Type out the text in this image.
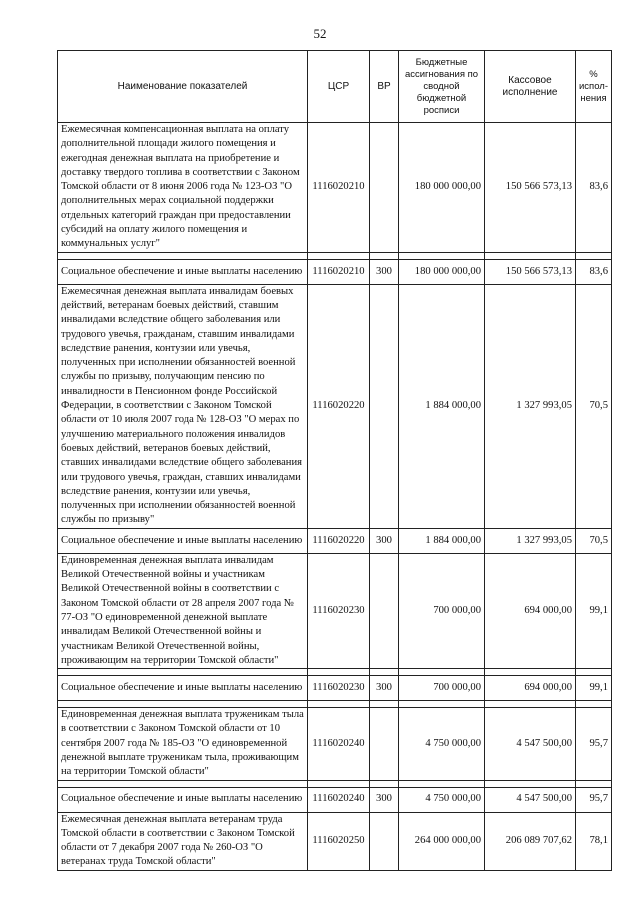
52
Наименование показателей	ЦСР	ВР	Бюджетные ассигнования по сводной бюджетной росписи	Кассовое исполнение	% испол- нения
Ежемесячная компенсационная выплата на оплату дополнительной площади жилого помещения и ежегодная денежная выплата на приобретение и доставку твердого топлива в соответствии с Законом Томской области от 8 июня 2006 года № 123-ОЗ "О дополнительных мерах социальной поддержки отдельных категорий граждан при предоставлении субсидий на оплату жилого помещения и коммунальных услуг"	1116020210		180 000 000,00	150 566 573,13	83,6

Социальное обеспечение и иные выплаты населению	1116020210	300	180 000 000,00	150 566 573,13	83,6
Ежемесячная денежная выплата инвалидам боевых действий, ветеранам боевых действий, ставшим инвалидами вследствие общего заболевания или трудового увечья, гражданам, ставшим инвалидами вследствие ранения, контузии или увечья, полученных при исполнении обязанностей военной службы по призыву, получающим пенсию по инвалидности в Пенсионном фонде Российской Федерации, в соответствии с Законом Томской области от 10 июля 2007 года № 128-ОЗ "О мерах по улучшению материального положения инвалидов боевых действий, ветеранов боевых действий, ставших инвалидами вследствие общего заболевания или трудового увечья, граждан, ставших инвалидами вследствие ранения, контузии или увечья, полученных при исполнении обязанностей военной службы по призыву"	1116020220		1 884 000,00	1 327 993,05	70,5
Социальное обеспечение и иные выплаты населению	1116020220	300	1 884 000,00	1 327 993,05	70,5
Единовременная денежная выплата инвалидам Великой Отечественной войны и участникам Великой Отечественной войны в соответствии с Законом Томской области от 28 апреля 2007 года № 77-ОЗ "О единовременной денежной выплате инвалидам Великой Отечественной войны и участникам Великой Отечественной войны, проживающим на территории Томской области"	1116020230		700 000,00	694 000,00	99,1

Социальное обеспечение и иные выплаты населению	1116020230	300	700 000,00	694 000,00	99,1

Единовременная денежная выплата труженикам тыла в соответствии с Законом Томской области от 10 сентября 2007 года № 185-ОЗ "О единовременной денежной выплате труженикам тыла, проживающим на территории Томской области"	1116020240		4 750 000,00	4 547 500,00	95,7

Социальное обеспечение и иные выплаты населению	1116020240	300	4 750 000,00	4 547 500,00	95,7
Ежемесячная денежная выплата ветеранам труда Томской области в соответствии с Законом Томской области от 7 декабря 2007 года № 260-ОЗ "О ветеранах труда Томской области"	1116020250		264 000 000,00	206 089 707,62	78,1
